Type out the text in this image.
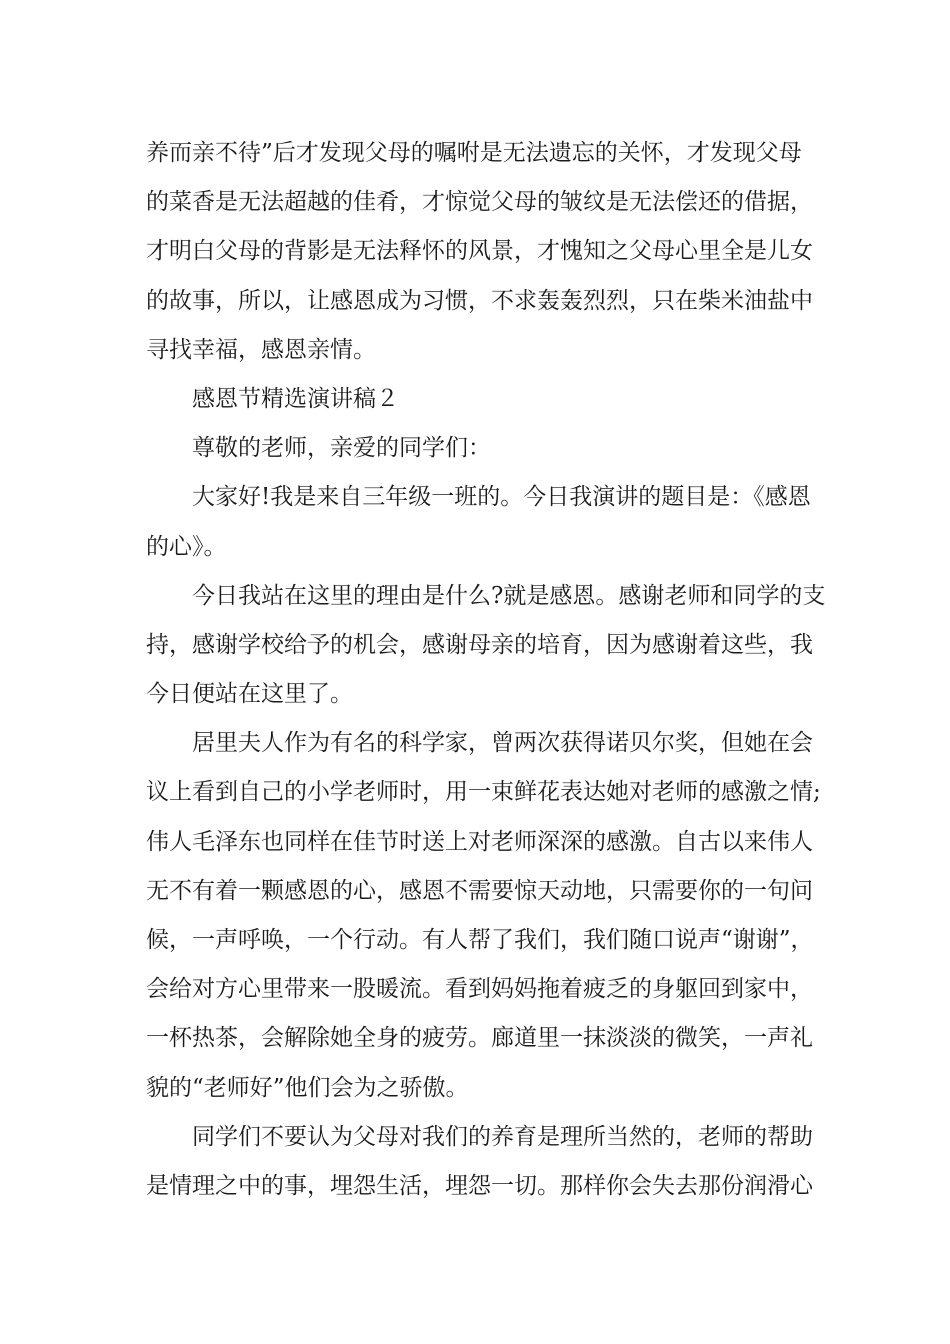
养而亲不待”后才发现父母的嘱咐是无法遗忘的关怀，才发现父母
的菜香是无法超越的佳肴，才惊觉父母的皱纹是无法偿还的借据，
才明白父母的背影是无法释怀的风景，才愧知之父母心里全是儿女
的故事，所以，让感恩成为习惯，不求轰轰烈烈，只在柴米油盐中
寻找幸福，感恩亲情。
感恩节精选演讲稿２
尊敬的老师，亲爱的同学们：
大家好!我是来自三年级一班的。今日我演讲的题目是：《感恩
的心》。
今日我站在这里的理由是什么?就是感恩。感谢老师和同学的支
持，感谢学校给予的机会，感谢母亲的培育，因为感谢着这些，我
今日便站在这里了。
居里夫人作为有名的科学家，曾两次获得诺贝尔奖，但她在会
议上看到自己的小学老师时，用一束鲜花表达她对老师的感激之情;
伟人毛泽东也同样在佳节时送上对老师深深的感激。自古以来伟人
无不有着一颗感恩的心，感恩不需要惊天动地，只需要你的一句问
候，一声呼唤，一个行动。有人帮了我们，我们随口说声“谢谢”，
会给对方心里带来一股暖流。看到妈妈拖着疲乏的身躯回到家中，
一杯热茶，会解除她全身的疲劳。廊道里一抹淡淡的微笑，一声礼
貌的“老师好”他们会为之骄傲。
同学们不要认为父母对我们的养育是理所当然的，老师的帮助
是情理之中的事，埋怨生活，埋怨一切。那样你会失去那份润滑心
